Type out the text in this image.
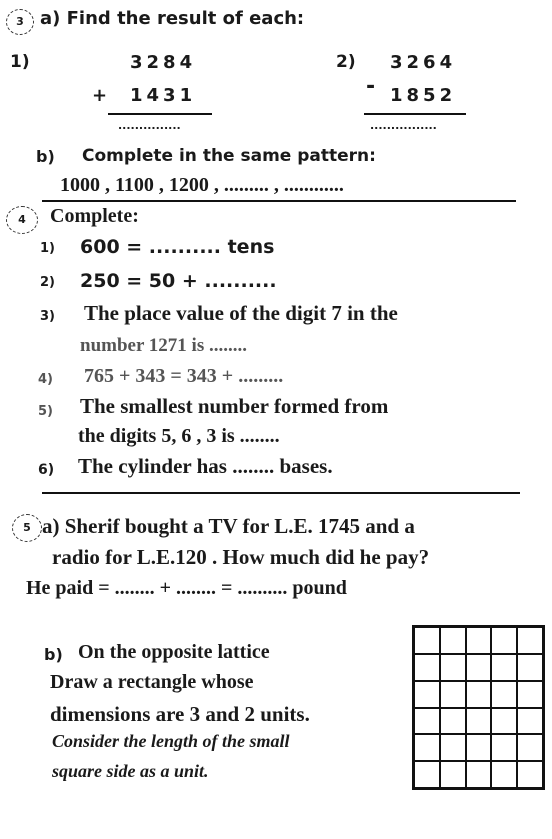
3 a) Find the result of each:
1)	3284
+ 1431
...............
2) 3264
- 1852
................
b) Complete in the same pattern:
1000 , 1100 , 1200 , ......... , ............
4	Complete:
1) 600 = .......... tens
2) 250 = 50 + ..........
3) The place value of the digit 7 in the
number 1271 is ........
4) 765 + 343 = 343 + .........
5) The smallest number formed from
the digits 5, 6 , 3 is ........
6) The cylinder has ........ bases.
5 a) Sherif bought a TV for L.E. 1745 and a
radio for L.E.120 . How much did he pay?
He paid = ........ + ........ = .......... pound
b) On the opposite lattice
Draw a rectangle whose
dimensions are 3 and 2 units.
Consider the length of the small
square side as a unit.
